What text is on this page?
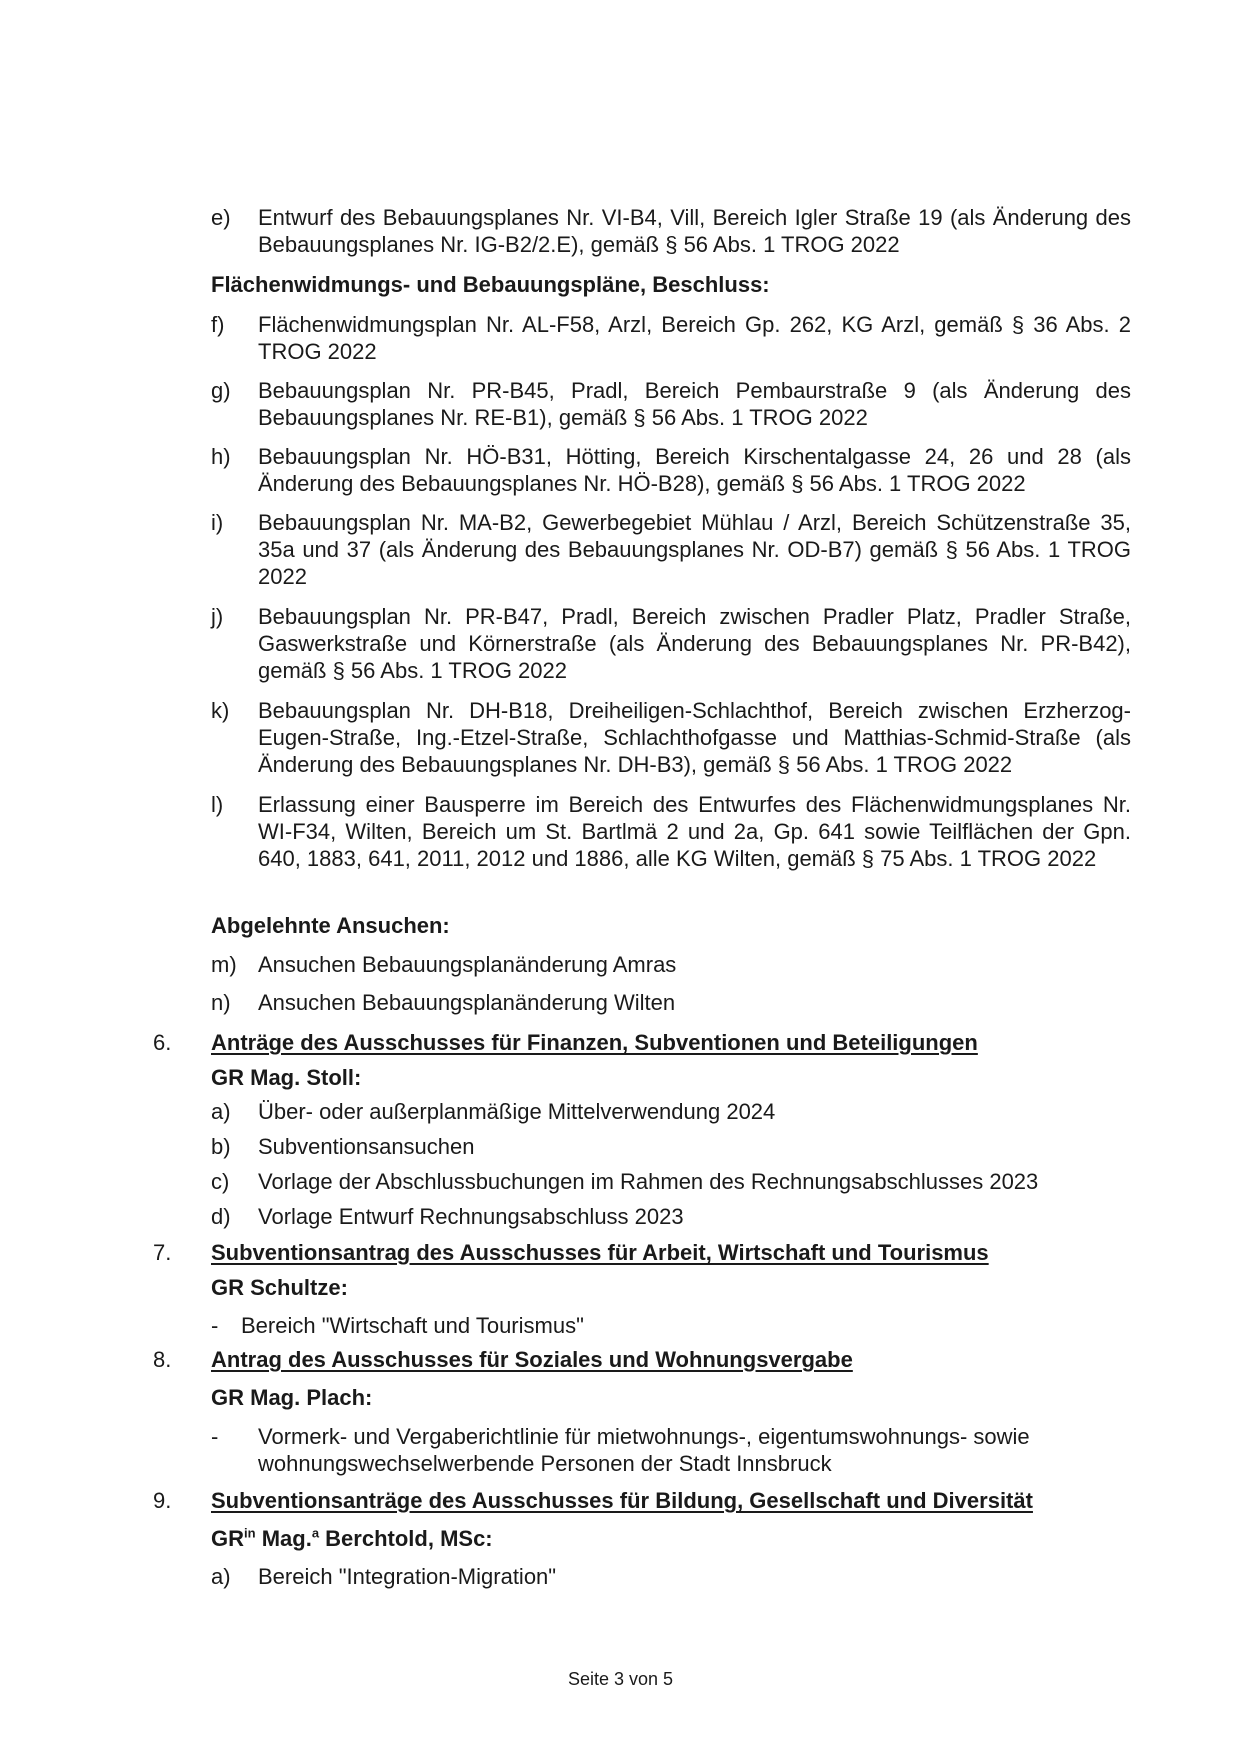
e) Entwurf des Bebauungsplanes Nr. VI-B4, Vill, Bereich Igler Straße 19 (als Änderung des Bebauungsplanes Nr. IG-B2/2.E), gemäß § 56 Abs. 1 TROG 2022
Flächenwidmungs- und Bebauungspläne, Beschluss:
f) Flächenwidmungsplan Nr. AL-F58, Arzl, Bereich Gp. 262, KG Arzl, gemäß § 36 Abs. 2 TROG 2022
g) Bebauungsplan Nr. PR-B45, Pradl, Bereich Pembaurstraße 9 (als Änderung des Bebauungsplanes Nr. RE-B1), gemäß § 56 Abs. 1 TROG 2022
h) Bebauungsplan Nr. HÖ-B31, Hötting, Bereich Kirschentalgasse 24, 26 und 28 (als Änderung des Bebauungsplanes Nr. HÖ-B28), gemäß § 56 Abs. 1 TROG 2022
i) Bebauungsplan Nr. MA-B2, Gewerbegebiet Mühlau / Arzl, Bereich Schützenstraße 35, 35a und 37 (als Änderung des Bebauungsplanes Nr. OD-B7) gemäß § 56 Abs. 1 TROG 2022
j) Bebauungsplan Nr. PR-B47, Pradl, Bereich zwischen Pradler Platz, Pradler Straße, Gaswerkstraße und Körnerstraße (als Änderung des Bebauungsplanes Nr. PR-B42), gemäß § 56 Abs. 1 TROG 2022
k) Bebauungsplan Nr. DH-B18, Dreiheiligen-Schlachthof, Bereich zwischen Erzherzog-Eugen-Straße, Ing.-Etzel-Straße, Schlachthofgasse und Matthias-Schmid-Straße (als Änderung des Bebauungsplanes Nr. DH-B3), gemäß § 56 Abs. 1 TROG 2022
l) Erlassung einer Bausperre im Bereich des Entwurfes des Flächenwidmungsplanes Nr. WI-F34, Wilten, Bereich um St. Bartlmä 2 und 2a, Gp. 641 sowie Teilflächen der Gpn. 640, 1883, 641, 2011, 2012 und 1886, alle KG Wilten, gemäß § 75 Abs. 1 TROG 2022
Abgelehnte Ansuchen:
m) Ansuchen Bebauungsplanänderung Amras
n) Ansuchen Bebauungsplanänderung Wilten
6. Anträge des Ausschusses für Finanzen, Subventionen und Beteiligungen
GR Mag. Stoll:
a) Über- oder außerplanmäßige Mittelverwendung 2024
b) Subventionsansuchen
c) Vorlage der Abschlussbuchungen im Rahmen des Rechnungsabschlusses 2023
d) Vorlage Entwurf Rechnungsabschluss 2023
7. Subventionsantrag des Ausschusses für Arbeit, Wirtschaft und Tourismus
GR Schultze:
- Bereich "Wirtschaft und Tourismus"
8. Antrag des Ausschusses für Soziales und Wohnungsvergabe
GR Mag. Plach:
- Vormerk- und Vergaberichtlinie für mietwohnungs-, eigentumswohnungs- sowie wohnungswechselwerbende Personen der Stadt Innsbruck
9. Subventionsanträge des Ausschusses für Bildung, Gesellschaft und Diversität
$GR^{in}$ Mag.$^a$ Berchtold, MSc:
a) Bereich "Integration-Migration"
Seite 3 von 5
